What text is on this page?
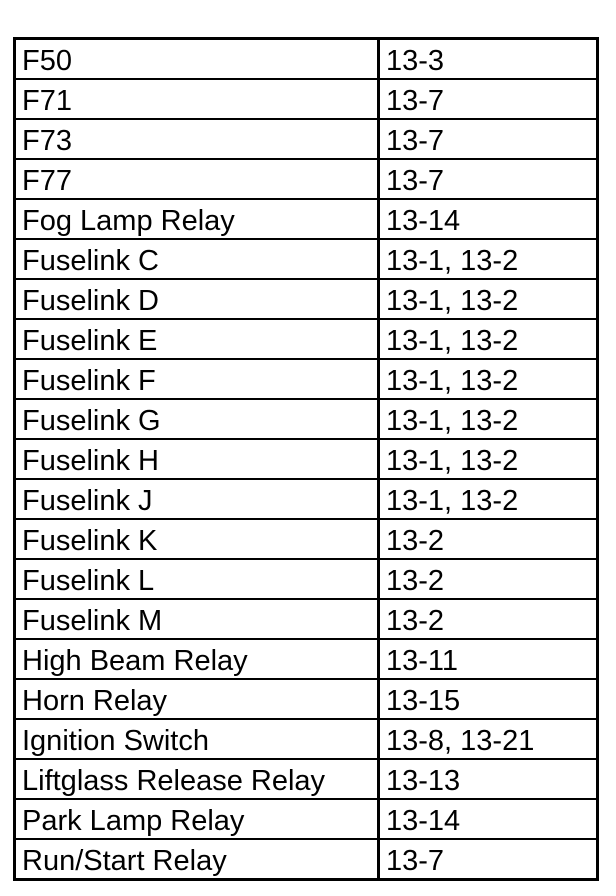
F50	13-3
F71	13-7
F73	13-7
F77	13-7
Fog Lamp Relay	13-14
Fuselink C	13-1, 13-2
Fuselink D	13-1, 13-2
Fuselink E	13-1, 13-2
Fuselink F	13-1, 13-2
Fuselink G	13-1, 13-2
Fuselink H	13-1, 13-2
Fuselink J	13-1, 13-2
Fuselink K	13-2
Fuselink L	13-2
Fuselink M	13-2
High Beam Relay	13-11
Horn Relay	13-15
Ignition Switch	13-8, 13-21
Liftglass Release Relay	13-13
Park Lamp Relay	13-14
Run/Start Relay	13-7
